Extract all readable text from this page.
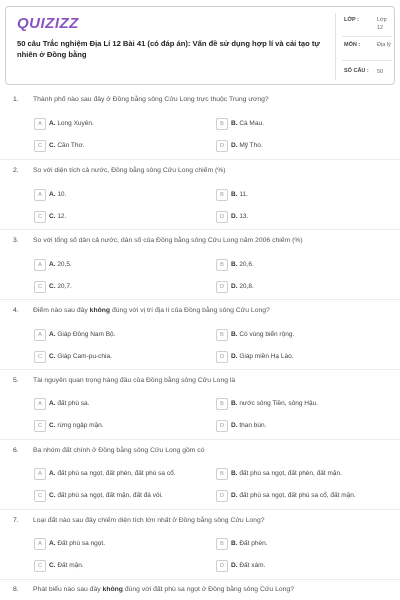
QUIZIZZ
50 câu Trắc nghiệm Địa Lí 12 Bài 41 (có đáp án): Vấn đề sử dụng hợp lí và cải tạo tự nhiên ở Đồng bằng
LỚP :	Lớp 12
MÔN :	Địa lý
SỐ CÂU : 50
1. Thành phố nào sau đây ở Đồng bằng sông Cửu Long trực thuộc Trung ương?
A	A. Long Xuyên.	B	B. Cà Mau.
C	C. Cần Thơ.	D	D. Mỹ Tho.
2. So với diện tích cả nước, Đồng bằng sông Cửu Long chiếm (%)
A	A. 10.	B	B. 11.
C	C. 12.	D	D. 13.
3. So với tổng số dân cả nước, dân số của Đồng bằng sông Cửu Long năm 2006 chiếm (%)
A	A. 20,5.	B	B. 20,6.
C	C. 20,7.	D	D. 20,8.
4. Điểm nào sau đây không đúng với vị trí địa lí của Đồng bằng sông Cửu Long?
A	A. Giáp Đông Nam Bộ.	B	B. Có vùng biển rộng.
C	C. Giáp Cam-pu-chia.	D	D. Giáp miền Hạ Lào.
5. Tài nguyên quan trọng hàng đầu của Đồng bằng sông Cửu Long là
A	A. đất phù sa.	B	B. nước sông Tiền, sông Hậu.
C	C. rừng ngập mặn.	D	D. than bùn.
6. Ba nhóm đất chính ở Đồng bằng sông Cửu Long gồm có
A	A. đất phù sa ngọt, đất phèn, đất phù sa cổ.	B	B. đất phù sa ngọt, đất phèn, đất mặn.
C	C. đất phù sa ngọt, đất mặn, đất đá vôi.	D	D. đất phù sa ngọt, đất phù sa cổ, đất mặn.
7. Loại đất nào sau đây chiếm diện tích lớn nhất ở Đồng bằng sông Cửu Long?
A	A. Đất phù sa ngọt.	B	B. Đất phèn.
C	C. Đất mặn.	D	D. Đất xám.
8. Phát biểu nào sau đây không đúng với đất phù sa ngọt ở Đồng bằng sông Cửu Long?
